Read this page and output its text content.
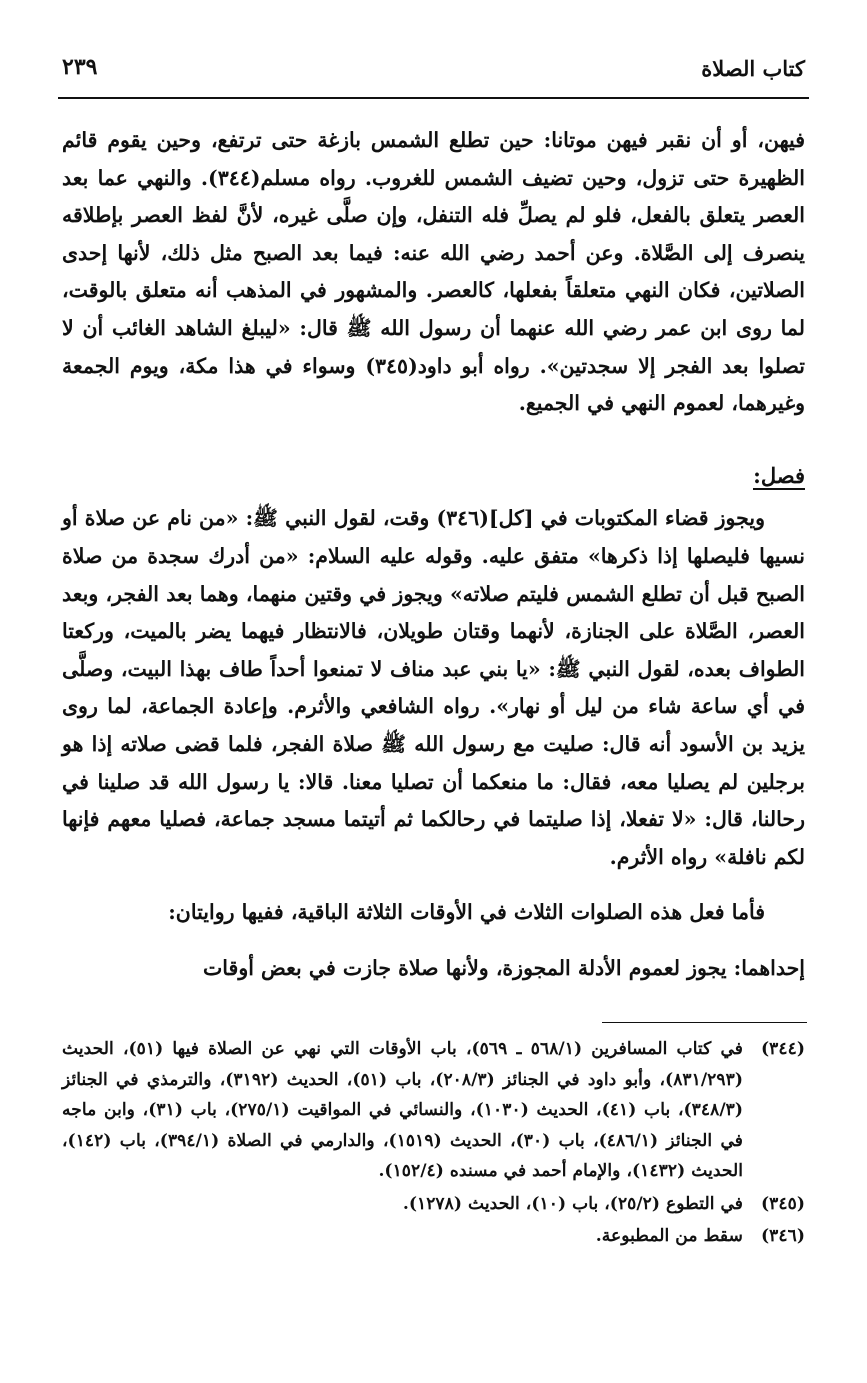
كتاب الصلاة
٢٣٩

فيهن، أو أن نقبر فيهن موتانا: حين تطلع الشمس بازغة حتى ترتفع، وحين يقوم قائم الظهيرة حتى تزول، وحين تضيف الشمس للغروب. رواه مسلم(٣٤٤). والنهي عما بعد العصر يتعلق بالفعل، فلو لم يصلِّ فله التنفل، وإن صلَّى غيره، لأنَّ لفظ العصر بإطلاقه ينصرف إلى الصَّلاة. وعن أحمد رضي الله عنه: فيما بعد الصبح مثل ذلك، لأنها إحدى الصلاتين، فكان النهي متعلقاً بفعلها، كالعصر. والمشهور في المذهب أنه متعلق بالوقت، لما روى ابن عمر رضي الله عنهما أن رسول الله ﷺ قال: «ليبلغ الشاهد الغائب أن لا تصلوا بعد الفجر إلا سجدتين». رواه أبو داود(٣٤٥) وسواء في هذا مكة، ويوم الجمعة وغيرهما، لعموم النهي في الجميع.

فصل:

ويجوز قضاء المكتوبات في [كل](٣٤٦) وقت، لقول النبي ﷺ: «من نام عن صلاة أو نسيها فليصلها إذا ذكرها» متفق عليه. وقوله عليه السلام: «من أدرك سجدة من صلاة الصبح قبل أن تطلع الشمس فليتم صلاته» ويجوز في وقتين منهما، وهما بعد الفجر، وبعد العصر، الصَّلاة على الجنازة، لأنهما وقتان طويلان، فالانتظار فيهما يضر بالميت، وركعتا الطواف بعده، لقول النبي ﷺ: «يا بني عبد مناف لا تمنعوا أحداً طاف بهذا البيت، وصلَّى في أي ساعة شاء من ليل أو نهار». رواه الشافعي والأثرم. وإعادة الجماعة، لما روى يزيد بن الأسود أنه قال: صليت مع رسول الله ﷺ صلاة الفجر، فلما قضى صلاته إذا هو برجلين لم يصليا معه، فقال: ما منعكما أن تصليا معنا. قالا: يا رسول الله قد صلينا في رحالنا، قال: «لا تفعلا، إذا صليتما في رحالكما ثم أتيتما مسجد جماعة، فصليا معهم فإنها لكم نافلة» رواه الأثرم.

فأما فعل هذه الصلوات الثلاث في الأوقات الثلاثة الباقية، ففيها روايتان:

إحداهما: يجوز لعموم الأدلة المجوزة، ولأنها صلاة جازت في بعض أوقات

(٣٤٤)
في كتاب المسافرين (٥٦٨/١ ـ ٥٦٩)، باب الأوقات التي نهي عن الصلاة فيها (٥١)، الحديث (٨٣١/٢٩٣)، وأبو داود في الجنائز (٢٠٨/٣)، باب (٥١)، الحديث (٣١٩٢)، والترمذي في الجنائز (٣٤٨/٣)، باب (٤١)، الحديث (١٠٣٠)، والنسائي في المواقيت (٢٧٥/١)، باب (٣١)، وابن ماجه في الجنائز (٤٨٦/١)، باب (٣٠)، الحديث (١٥١٩)، والدارمي في الصلاة (٣٩٤/١)، باب (١٤٢)، الحديث (١٤٣٢)، والإمام أحمد في مسنده (١٥٢/٤).
(٣٤٥)
في التطوع (٢٥/٢)، باب (١٠)، الحديث (١٢٧٨).
(٣٤٦)
سقط من المطبوعة.
